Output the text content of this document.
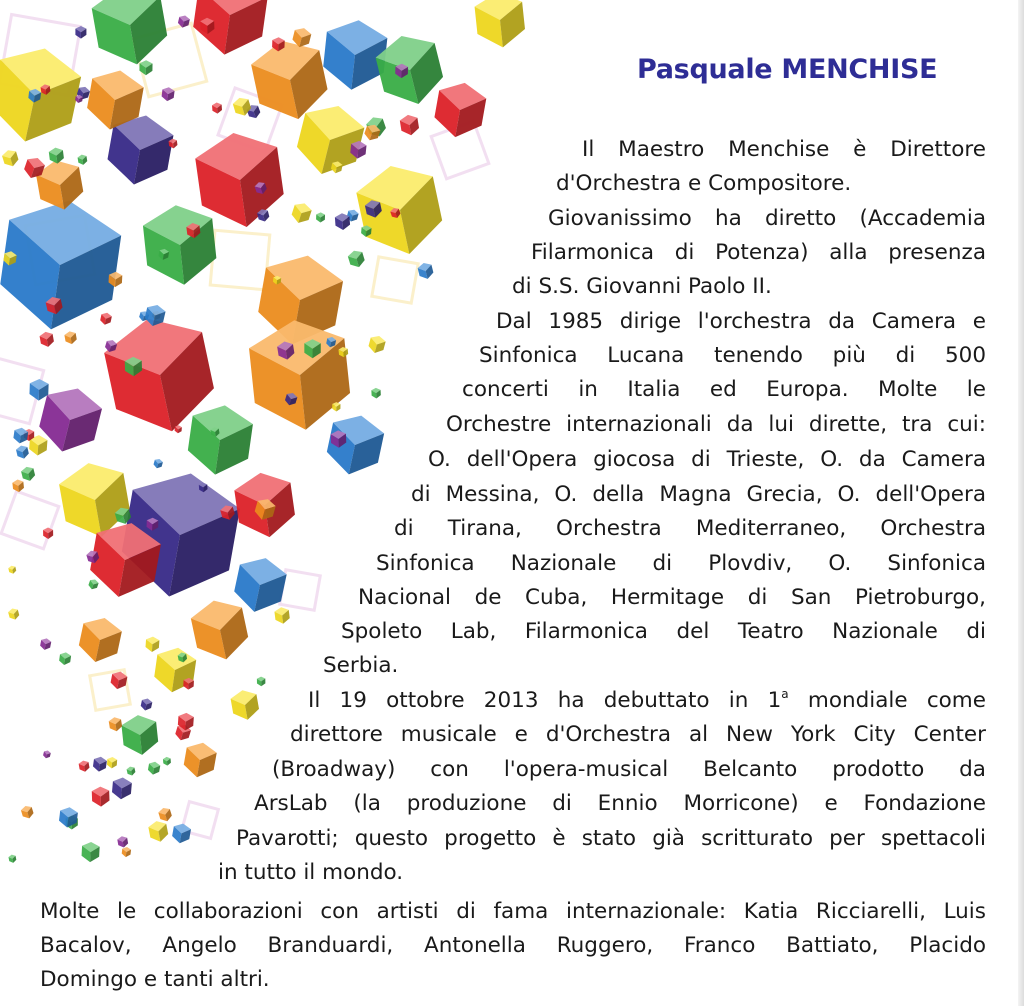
Pasquale MENCHISE
Il Maestro Menchise è Direttore
d'Orchestra e Compositore.
Giovanissimo ha diretto (Accademia
Filarmonica di Potenza) alla presenza
di S.S. Giovanni Paolo II.
Dal 1985 dirige l'orchestra da Camera e
Sinfonica Lucana tenendo più di 500
concerti in Italia ed Europa. Molte le
Orchestre internazionali da lui dirette, tra cui:
O. dell'Opera giocosa di Trieste, O. da Camera
di Messina, O. della Magna Grecia, O. dell'Opera
di Tirana, Orchestra Mediterraneo, Orchestra
Sinfonica Nazionale di Plovdiv, O. Sinfonica
Nacional de Cuba, Hermitage di San Pietroburgo,
Spoleto Lab, Filarmonica del Teatro Nazionale di
Serbia.
Il 19 ottobre 2013 ha debuttato in 1$^a$ mondiale come
direttore musicale e d'Orchestra al New York City Center
(Broadway) con l'opera-musical Belcanto prodotto da
ArsLab (la produzione di Ennio Morricone) e Fondazione
Pavarotti; questo progetto è stato già scritturato per spettacoli
in tutto il mondo.
Molte le collaborazioni con artisti di fama internazionale: Katia Ricciarelli, Luis
Bacalov, Angelo Branduardi, Antonella Ruggero, Franco Battiato, Placido
Domingo e tanti altri.
